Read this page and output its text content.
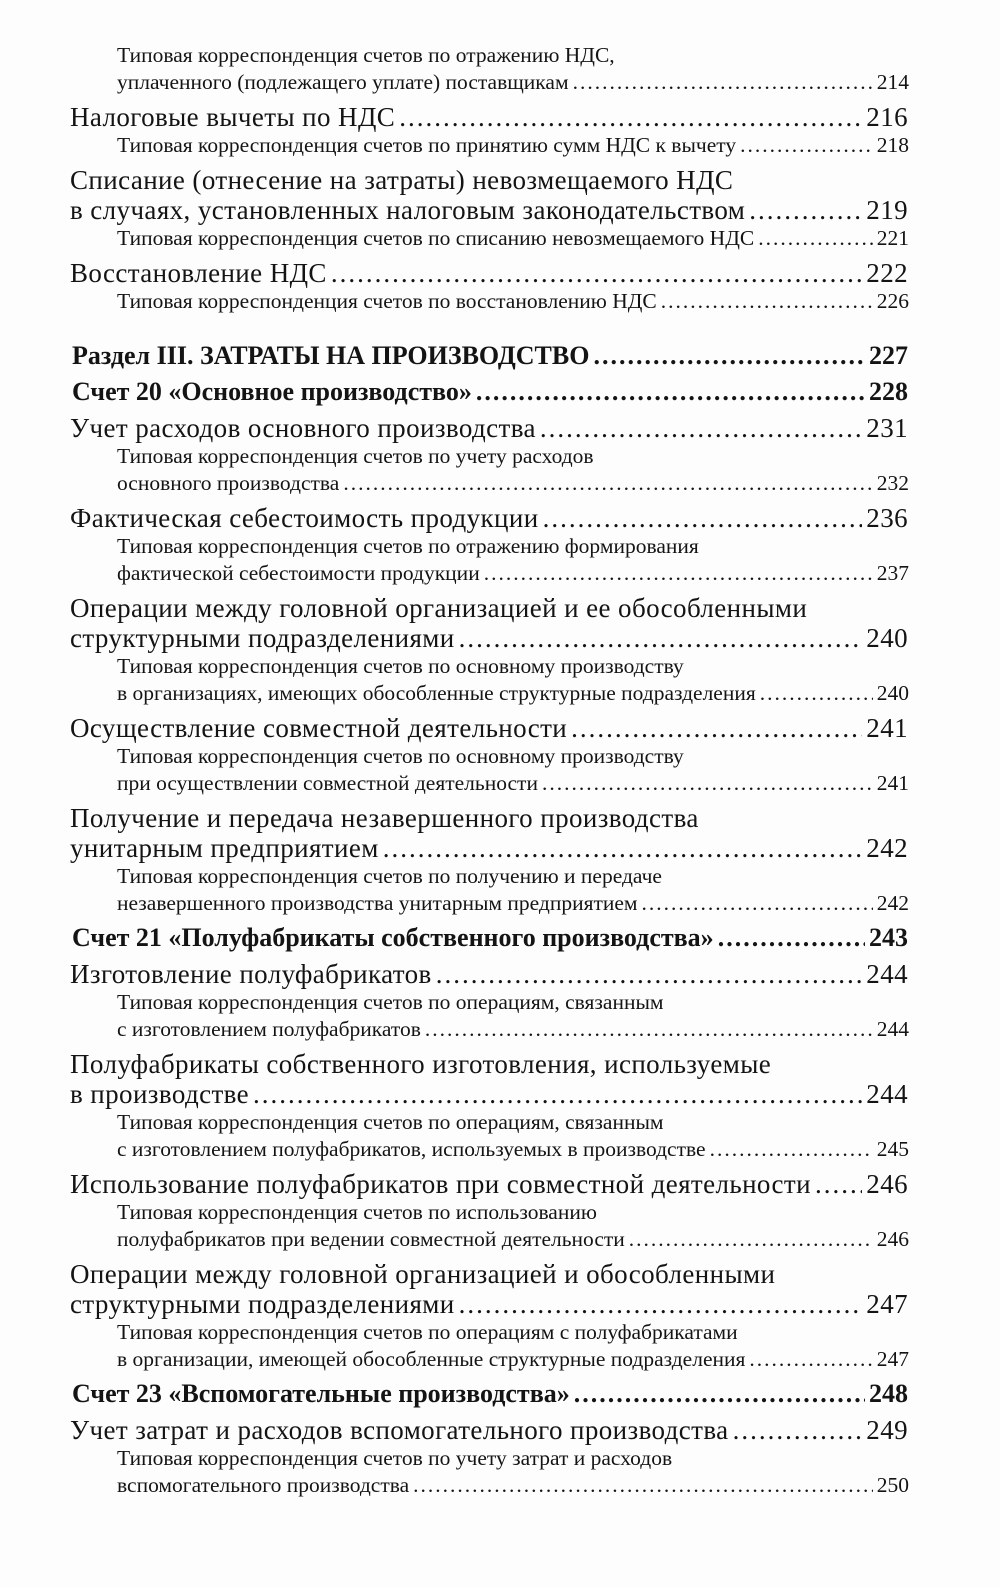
Типовая корреспонденция счетов по отражению НДС,
уплаченного (подлежащего уплате) поставщикам .....	214
Налоговые вычеты по НДС .....	216
Типовая корреспонденция счетов по принятию сумм НДС к вычету .....	218
Списание (отнесение на затраты) невозмещаемого НДС
в случаях, установленных налоговым законодательством .....	219
Типовая корреспонденция счетов по списанию невозмещаемого НДС .....	221
Восстановление НДС .....	222
Типовая корреспонденция счетов по восстановлению НДС .....	226
Раздел III. ЗАТРАТЫ НА ПРОИЗВОДСТВО .....	227
Счет 20 «Основное производство» .....	228
Учет расходов основного производства .....	231
Типовая корреспонденция счетов по учету расходов
основного производства .....	232
Фактическая себестоимость продукции .....	236
Типовая корреспонденция счетов по отражению формирования
фактической себестоимости продукции .....	237
Операции между головной организацией и ее обособленными
структурными подразделениями .....	240
Типовая корреспонденция счетов по основному производству
в организациях, имеющих обособленные структурные подразделения .....	240
Осуществление совместной деятельности .....	241
Типовая корреспонденция счетов по основному производству
при осуществлении совместной деятельности .....	241
Получение и передача незавершенного производства
унитарным предприятием .....	242
Типовая корреспонденция счетов по получению и передаче
незавершенного производства унитарным предприятием .....	242
Счет 21 «Полуфабрикаты собственного производства» .....	243
Изготовление полуфабрикатов .....	244
Типовая корреспонденция счетов по операциям, связанным
с изготовлением полуфабрикатов .....	244
Полуфабрикаты собственного изготовления, используемые
в производстве .....	244
Типовая корреспонденция счетов по операциям, связанным
с изготовлением полуфабрикатов, используемых в производстве .....	245
Использование полуфабрикатов при совместной деятельности ..... 246
Типовая корреспонденция счетов по использованию
полуфабрикатов при ведении совместной деятельности .....	246
Операции между головной организацией и обособленными
структурными подразделениями .....	247
Типовая корреспонденция счетов по операциям с полуфабрикатами
в организации, имеющей обособленные структурные подразделения .....	247
Счет 23 «Вспомогательные производства» .....	248
Учет затрат и расходов вспомогательного производства .....	249
Типовая корреспонденция счетов по учету затрат и расходов
вспомогательного производства .....	250
